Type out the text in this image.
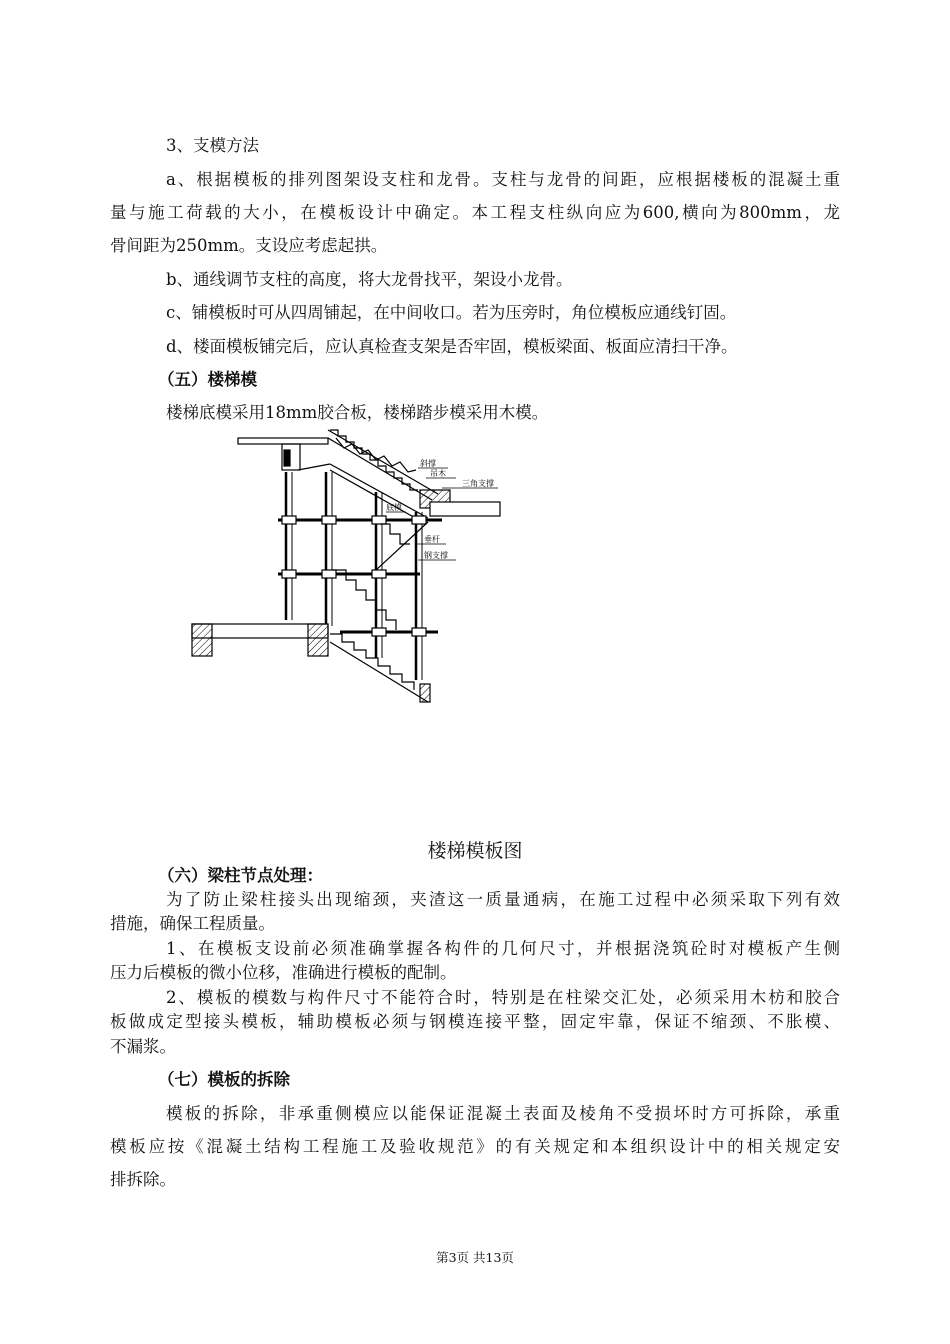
3、支模方法
a、根据模板的排列图架设支柱和龙骨。支柱与龙骨的间距，应根据楼板的混凝土重
量与施工荷载的大小，在模板设计中确定。本工程支柱纵向应为600,横向为800mm，龙
骨间距为250mm。支设应考虑起拱。
b、通线调节支柱的高度，将大龙骨找平，架设小龙骨。
c、铺模板时可从四周铺起，在中间收口。若为压旁时，角位模板应通线钉固。
d、楼面模板铺完后，应认真检查支架是否牢固，模板梁面、板面应清扫干净。
（五）楼梯模
楼梯底模采用18mm胶合板，楼梯踏步模采用木模。
斜撑
吊木
三角支撑
底模
垂杆
钢支撑
楼梯模板图
（六）梁柱节点处理：
为了防止梁柱接头出现缩颈，夹渣这一质量通病，在施工过程中必须采取下列有效
措施，确保工程质量。
1、在模板支设前必须准确掌握各构件的几何尺寸，并根据浇筑砼时对模板产生侧
压力后模板的微小位移，准确进行模板的配制。
2、模板的模数与构件尺寸不能符合时，特别是在柱梁交汇处，必须采用木枋和胶合
板做成定型接头模板，辅助模板必须与钢模连接平整，固定牢靠，保证不缩颈、不胀模、
不漏浆。
（七）模板的拆除
模板的拆除，非承重侧模应以能保证混凝土表面及棱角不受损坏时方可拆除，承重
模板应按《混凝土结构工程施工及验收规范》的有关规定和本组织设计中的相关规定安
排拆除。
第3页 共13页
